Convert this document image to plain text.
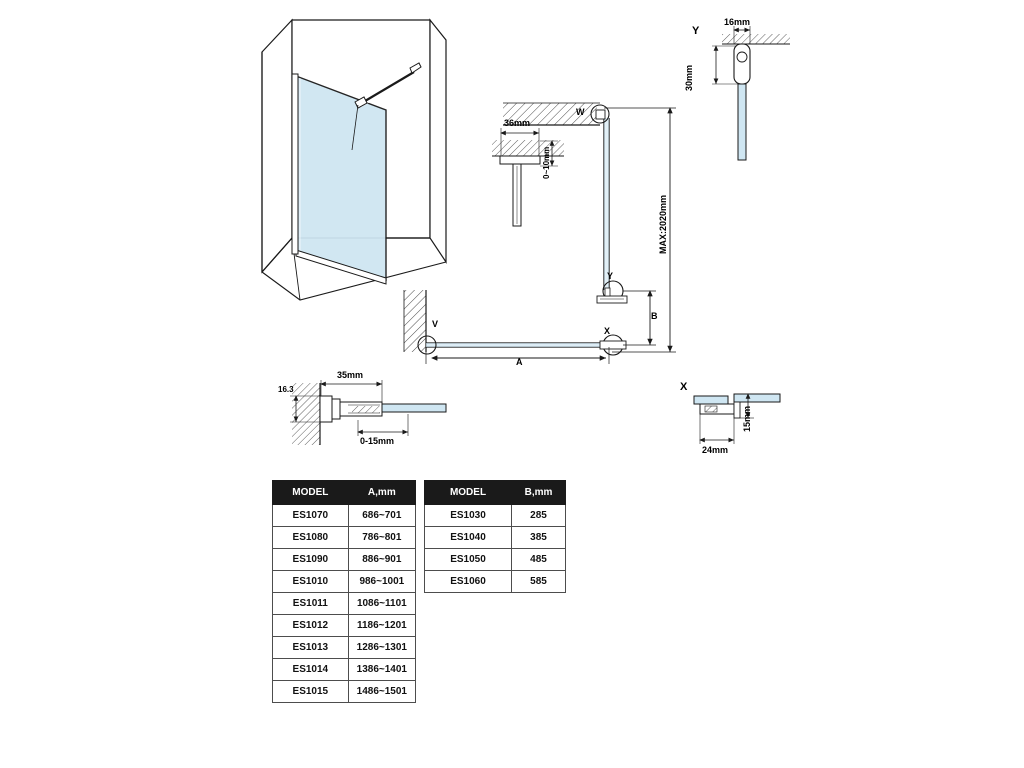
W
Y
X
V
Y
X
A
B
MAX:2020mm
36mm
0~10mm
35mm
16.3
0-15mm
16mm
30mm
24mm
15mm
MODEL	A,mm
ES1070	686~701
ES1080	786~801
ES1090	886~901
ES1010	986~1001
ES1011	1086~1101
ES1012	1186~1201
ES1013	1286~1301
ES1014	1386~1401
ES1015	1486~1501
MODEL	B,mm
ES1030	285
ES1040	385
ES1050	485
ES1060	585
